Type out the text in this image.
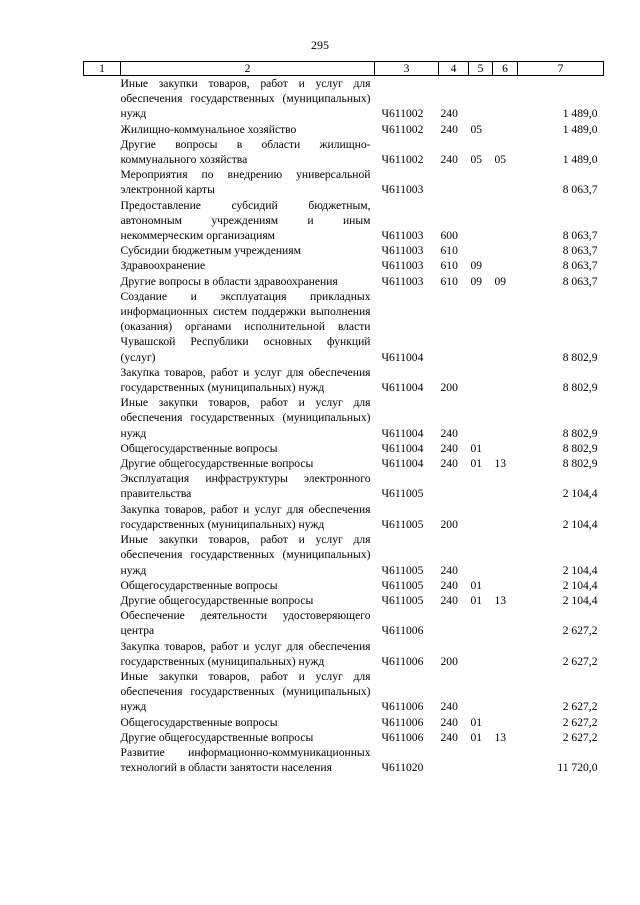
295
1	2	3	4	5	6	7
	Иные закупки товаров, работ и услуг для обеспечения государственных (муниципальных) нужд	Ч611002	240			1 489,0
	Жилищно-коммунальное хозяйство	Ч611002	240	05		1 489,0
	Другие вопросы в области жилищно-коммунального хозяйства	Ч611002	240	05	05	1 489,0
	Мероприятия по внедрению универсальной электронной карты	Ч611003				8 063,7
	Предоставление субсидий бюджетным, автономным учреждениям и иным некоммерческим организациям	Ч611003	600			8 063,7
	Субсидии бюджетным учреждениям	Ч611003	610			8 063,7
	Здравоохранение	Ч611003	610	09		8 063,7
	Другие вопросы в области здравоохранения	Ч611003	610	09	09	8 063,7
	Создание и эксплуатация прикладных информационных систем поддержки выполнения (оказания) органами исполнительной власти Чувашской Республики основных функций (услуг)	Ч611004				8 802,9
	Закупка товаров, работ и услуг для обеспечения государственных (муниципальных) нужд	Ч611004	200			8 802,9
	Иные закупки товаров, работ и услуг для обеспечения государственных (муниципальных) нужд	Ч611004	240			8 802,9
	Общегосударственные вопросы	Ч611004	240	01		8 802,9
	Другие общегосударственные вопросы	Ч611004	240	01	13	8 802,9
	Эксплуатация инфраструктуры электронного правительства	Ч611005				2 104,4
	Закупка товаров, работ и услуг для обеспечения государственных (муниципальных) нужд	Ч611005	200			2 104,4
	Иные закупки товаров, работ и услуг для обеспечения государственных (муниципальных) нужд	Ч611005	240			2 104,4
	Общегосударственные вопросы	Ч611005	240	01		2 104,4
	Другие общегосударственные вопросы	Ч611005	240	01	13	2 104,4
	Обеспечение деятельности удостоверяющего центра	Ч611006				2 627,2
	Закупка товаров, работ и услуг для обеспечения государственных (муниципальных) нужд	Ч611006	200			2 627,2
	Иные закупки товаров, работ и услуг для обеспечения государственных (муниципальных) нужд	Ч611006	240			2 627,2
	Общегосударственные вопросы	Ч611006	240	01		2 627,2
	Другие общегосударственные вопросы	Ч611006	240	01	13	2 627,2
	Развитие информационно-коммуникационных технологий в области занятости населения	Ч611020				11 720,0
